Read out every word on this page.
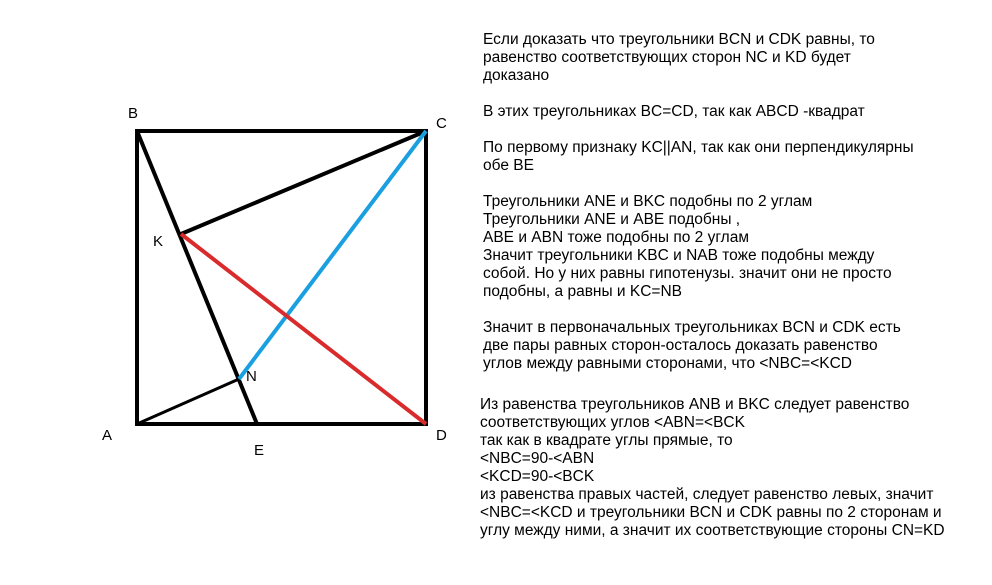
B
C
K
N
A
E
D
Если доказать что треугольники BCN и CDK равны, то
равенство соответствующих сторон NC и KD будет
доказано
В этих треугольниках BC=CD, так как ABCD -квадрат
По первому признаку KC||AN, так как они перпендикулярны
обе BE
Треугольники ANE и BKC подобны по 2 углам
Треугольники ANE и ABE подобны ,
ABE и ABN тоже подобны по 2 углам
Значит треугольники KBC и NAB тоже подобны между
собой. Но у них равны гипотенузы. значит они не просто
подобны, а равны и KC=NB
Значит в первоначальных треугольниках BCN и CDK есть
две пары равных сторон-осталось доказать равенство
углов между равными сторонами, что <NBC=<KCD
Из равенства треугольников ANB и BKC следует равенство
соответствующих углов <ABN=<BCK
так как в квадрате углы прямые, то
<NBC=90-<ABN
<KCD=90-<BCK
из равенства правых частей, следует равенство левых, значит
<NBC=<KCD и треугольники BCN и CDK равны по 2 сторонам и
углу между ними, а значит их соответствующие стороны CN=KD
